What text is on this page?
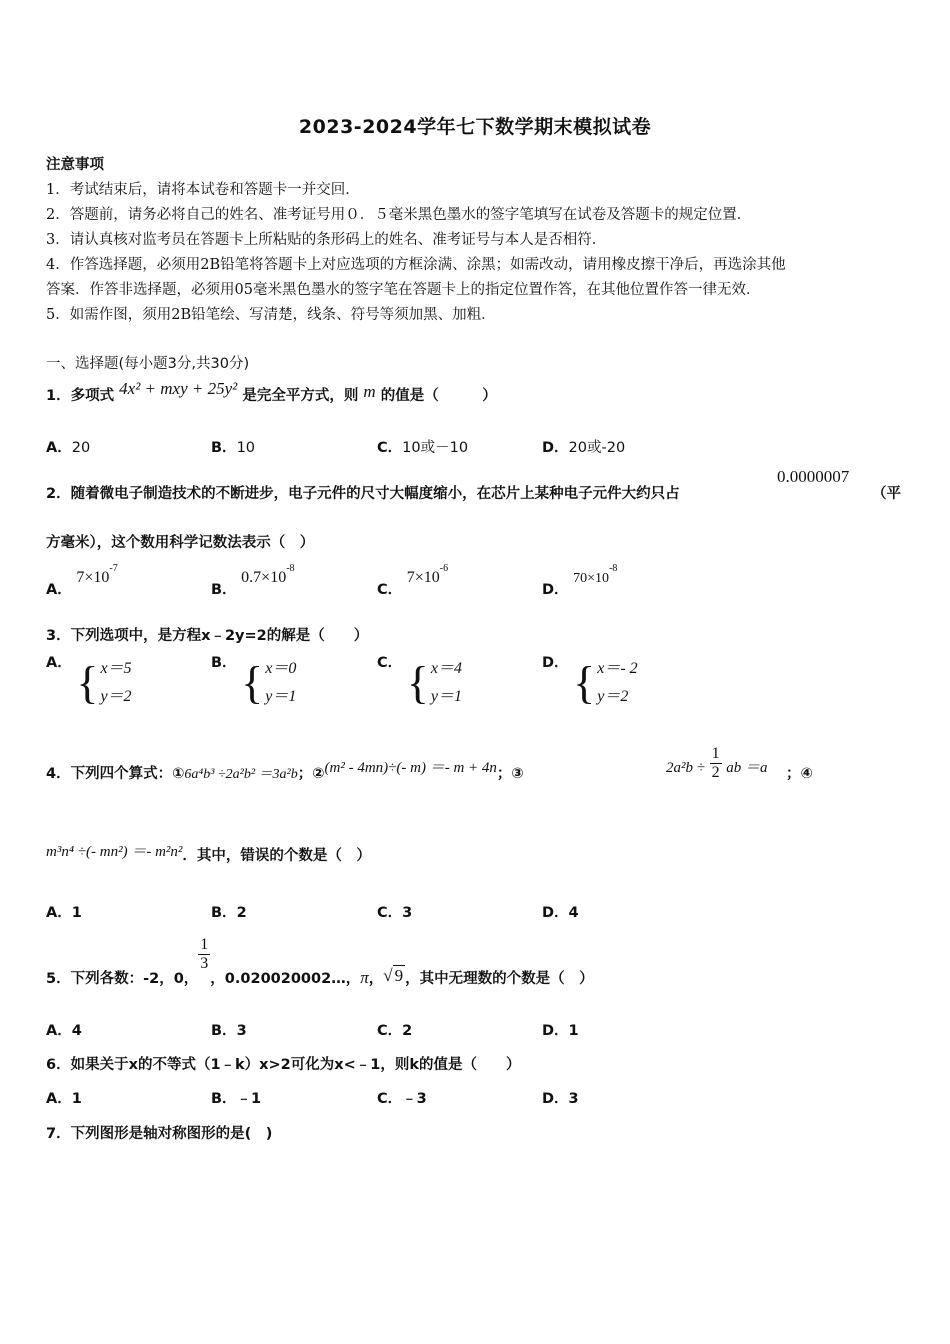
2023-2024学年七下数学期末模拟试卷
注意事项
1．考试结束后，请将本试卷和答题卡一并交回．
2．答题前，请务必将自己的姓名、准考证号用０．５毫米黑色墨水的签字笔填写在试卷及答题卡的规定位置．
3．请认真核对监考员在答题卡上所粘贴的条形码上的姓名、准考证号与本人是否相符．
4．作答选择题，必须用2B铅笔将答题卡上对应选项的方框涂满、涂黑；如需改动，请用橡皮擦干净后，再选涂其他
答案．作答非选择题，必须用05毫米黑色墨水的签字笔在答题卡上的指定位置作答，在其他位置作答一律无效．
5．如需作图，须用2B铅笔绘、写清楚，线条、符号等须加黑、加粗．
一、选择题(每小题3分,共30分)
1．多项式 4x² + mxy + 25y² 是完全平方式，则 m 的值是（　　　）
A．20	B．10	C．10或－10	D．20或-20
2．随着微电子制造技术的不断进步，电子元件的尺寸大幅度缩小，在芯片上某种电子元件大约只占
0.0000007
（平
方毫米），这个数用科学记数法表示（　）
A． $7\times 10^{-7}$
B． $0.7\times 10^{-8}$
C． $7\times 10^{-6}$
D． $70\times 10^{-8}$
3．下列选项中，是方程x﹣2y=2的解是（　　）
A． { x＝5
y＝2
B． { x＝0
y＝1
C． { x＝4
y＝1
D． { x＝- 2
y＝2
4．下列四个算式：①6a⁴b³ ÷2a²b² ＝3a²b；②(m² - 4mn)÷(- m) ＝- m + 4n；③	$2a^2b \div \frac{1}{2}$ ab ＝a ；④
m³n⁴ ÷(- mn²) ＝- m²n²．其中，错误的个数是（　）
A．1	B．2	C．3	D．4
5．下列各数：-2，0，
$\frac{1}{3}$
，0.020020002…，π，√ 9 ，其中无理数的个数是（　）
A．4	B．3	C．2	D．1
6．如果关于x的不等式（1﹣k）x>2可化为x<﹣1，则k的值是（　　）
A．1	B．﹣1	C．﹣3	D．3
7．下列图形是轴对称图形的是(　)
